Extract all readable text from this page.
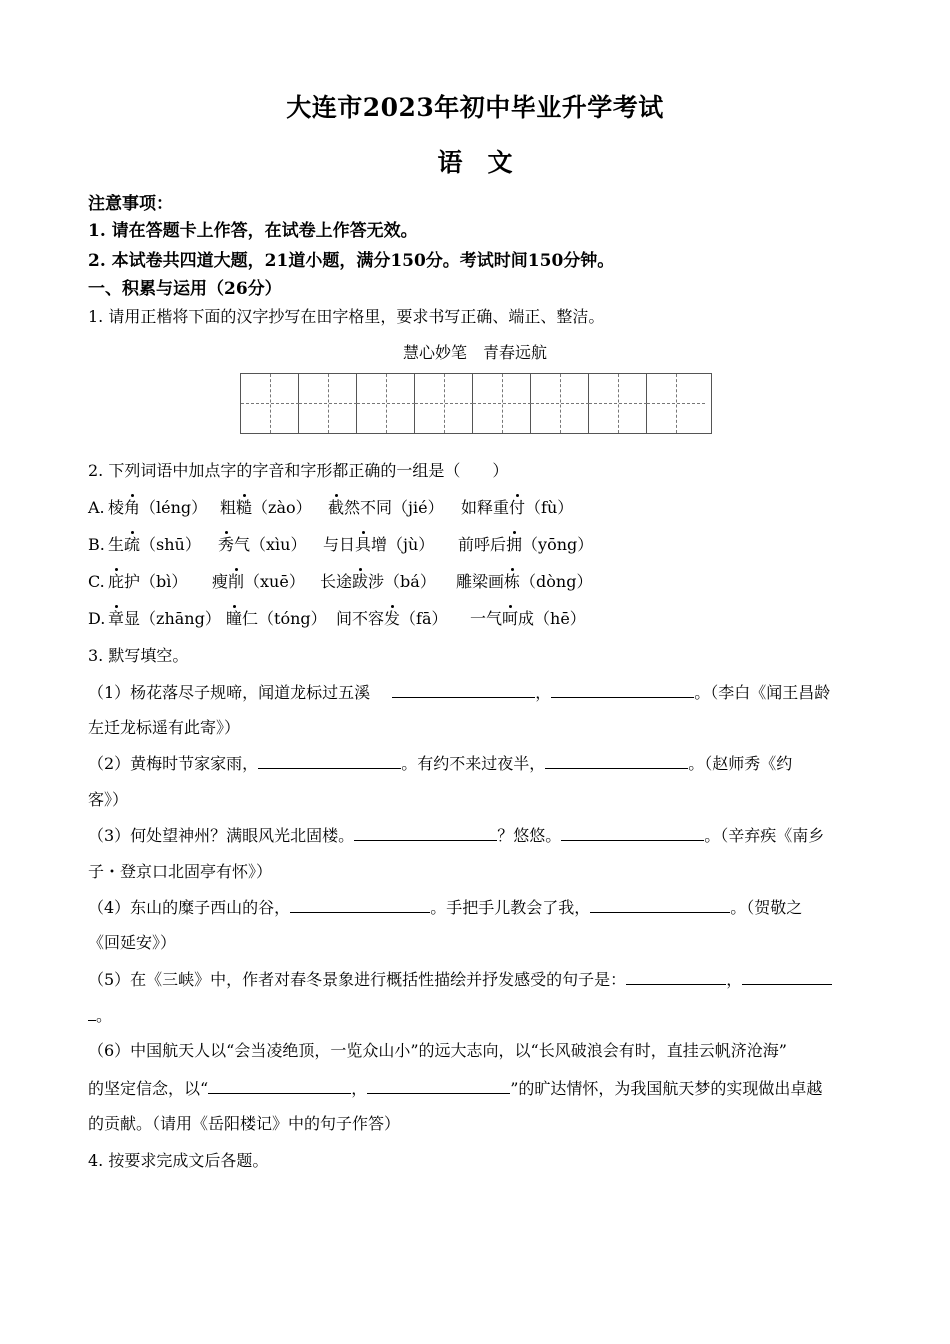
大连市2023年初中毕业升学考试
语　文
注意事项：
1. 请在答题卡上作答，在试卷上作答无效。
2. 本试卷共四道大题，21道小题，满分150分。考试时间150分钟。
一、积累与运用（26分）
1. 请用正楷将下面的汉字抄写在田字格里，要求书写正确、端正、整洁。
慧心妙笔　青春远航
2. 下列词语中加点字的字音和字形都正确的一组是（　　）
A. 棱角（léng） 粗糙（zào） 截然不同（jié） 如释重付（fù）
B. 生疏（shū） 秀气（xìu） 与日具增（jù） 前呼后拥（yōng）
C. 庇护（bì） 瘦削（xuē） 长途跋涉（bá） 雕梁画栋（dòng）
D. 章显（zhāng） 瞳仁（tóng） 间不容发（fā） 一气呵成（hē）
3. 默写填空。
（1）杨花落尽子规啼，闻道龙标过五溪	，	。（李白《闻王昌龄
左迁龙标遥有此寄》）
（2）黄梅时节家家雨，	。有约不来过夜半，	。（赵师秀《约
客》）
（3）何处望神州？满眼风光北固楼。	？悠悠。	。（辛弃疾《南乡
子・登京口北固亭有怀》）
（4）东山的糜子西山的谷，	。手把手儿教会了我，	。（贺敬之
《回延安》）
（5）在《三峡》中，作者对春冬景象进行概括性描绘并抒发感受的句子是：	，
。
（6）中国航天人以“会当凌绝顶，一览众山小”的远大志向，以“长风破浪会有时，直挂云帆济沧海”
的坚定信念，以“	，	”的旷达情怀，为我国航天梦的实现做出卓越
的贡献。（请用《岳阳楼记》中的句子作答）
4. 按要求完成文后各题。
